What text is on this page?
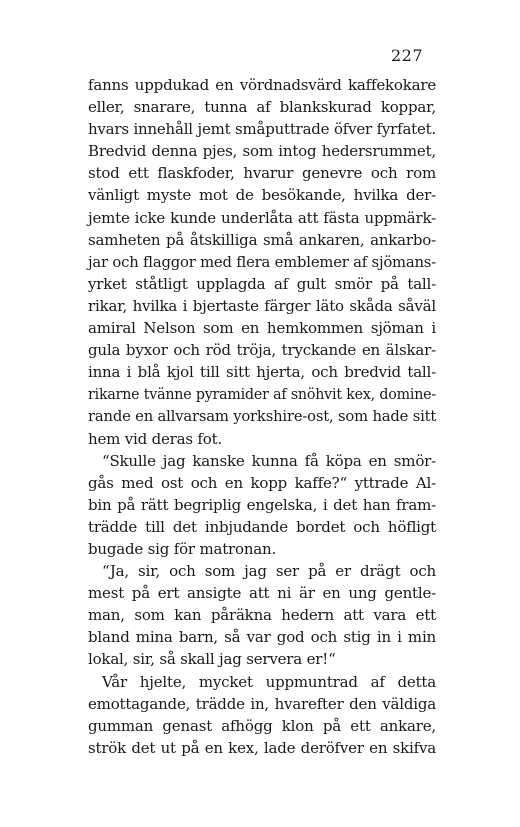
227
fanns uppdukad en vördnadsvärd kaffekokare
eller, snarare, tunna af blankskurad koppar,
hvars innehåll jemt småputtrade öfver fyrfatet.
Bredvid denna pjes, som intog hedersrummet,
stod ett flaskfoder, hvarur genevre och rom
vänligt myste mot de besökande, hvilka der-
jemte icke kunde underlåta att fästa uppmärk-
samheten på åtskilliga små ankaren, ankarbo-
jar och flaggor med flera emblemer af sjömans-
yrket ståtligt upplagda af gult smör på tall-
rikar, hvilka i bjertaste färger läto skåda såväl
amiral Nelson som en hemkommen sjöman i
gula byxor och röd tröja, tryckande en älskar-
inna i blå kjol till sitt hjerta, och bredvid tall-
rikarne tvänne pyramider af snöhvit kex, domine-
rande en allvarsam yorkshire-ost, som hade sitt
hem vid deras fot.
“Skulle jag kanske kunna få köpa en smör-
gås med ost och en kopp kaffe?“ yttrade Al-
bin på rätt begriplig engelska, i det han fram-
trädde till det inbjudande bordet och höfligt
bugade sig för matronan.
“Ja, sir, och som jag ser på er drägt och
mest på ert ansigte att ni är en ung gentle-
man, som kan påräkna hedern att vara ett
bland mina barn, så var god och stig in i min
lokal, sir, så skall jag servera er!“
Vår hjelte, mycket uppmuntrad af detta
emottagande, trädde in, hvarefter den väldiga
gumman genast afhögg klon på ett ankare,
strök det ut på en kex, lade deröfver en skifva
